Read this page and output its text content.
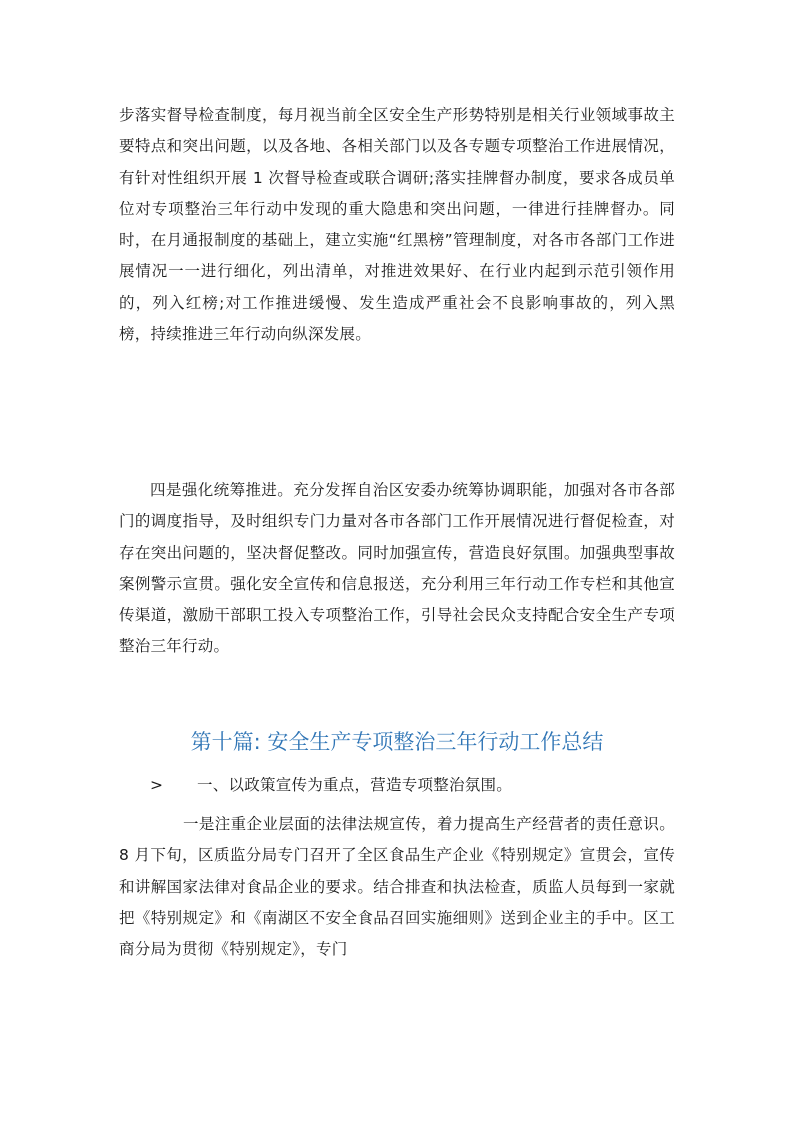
步落实督导检查制度，每月视当前全区安全生产形势特别是相关行业领域事故主要特点和突出问题，以及各地、各相关部门以及各专题专项整治工作进展情况，有针对性组织开展 1 次督导检查或联合调研;落实挂牌督办制度，要求各成员单位对专项整治三年行动中发现的重大隐患和突出问题，一律进行挂牌督办。同时，在月通报制度的基础上，建立实施“红黑榜”管理制度，对各市各部门工作进展情况一一进行细化，列出清单，对推进效果好、在行业内起到示范引领作用的，列入红榜;对工作推进缓慢、发生造成严重社会不良影响事故的，列入黑榜，持续推进三年行动向纵深发展。

四是强化统筹推进。充分发挥自治区安委办统筹协调职能，加强对各市各部门的调度指导，及时组织专门力量对各市各部门工作开展情况进行督促检查，对存在突出问题的，坚决督促整改。同时加强宣传，营造良好氛围。加强典型事故案例警示宣贯。强化安全宣传和信息报送，充分利用三年行动工作专栏和其他宣传渠道，激励干部职工投入专项整治工作，引导社会民众支持配合安全生产专项整治三年行动。

第十篇: 安全生产专项整治三年行动工作总结
> 一、以政策宣传为重点，营造专项整治氛围。

一是注重企业层面的法律法规宣传，着力提高生产经营者的责任意识。8 月下旬，区质监分局专门召开了全区食品生产企业《特别规定》宣贯会，宣传和讲解国家法律对食品企业的要求。结合排查和执法检查，质监人员每到一家就把《特别规定》和《南湖区不安全食品召回实施细则》送到企业主的手中。区工商分局为贯彻《特别规定》，专门
